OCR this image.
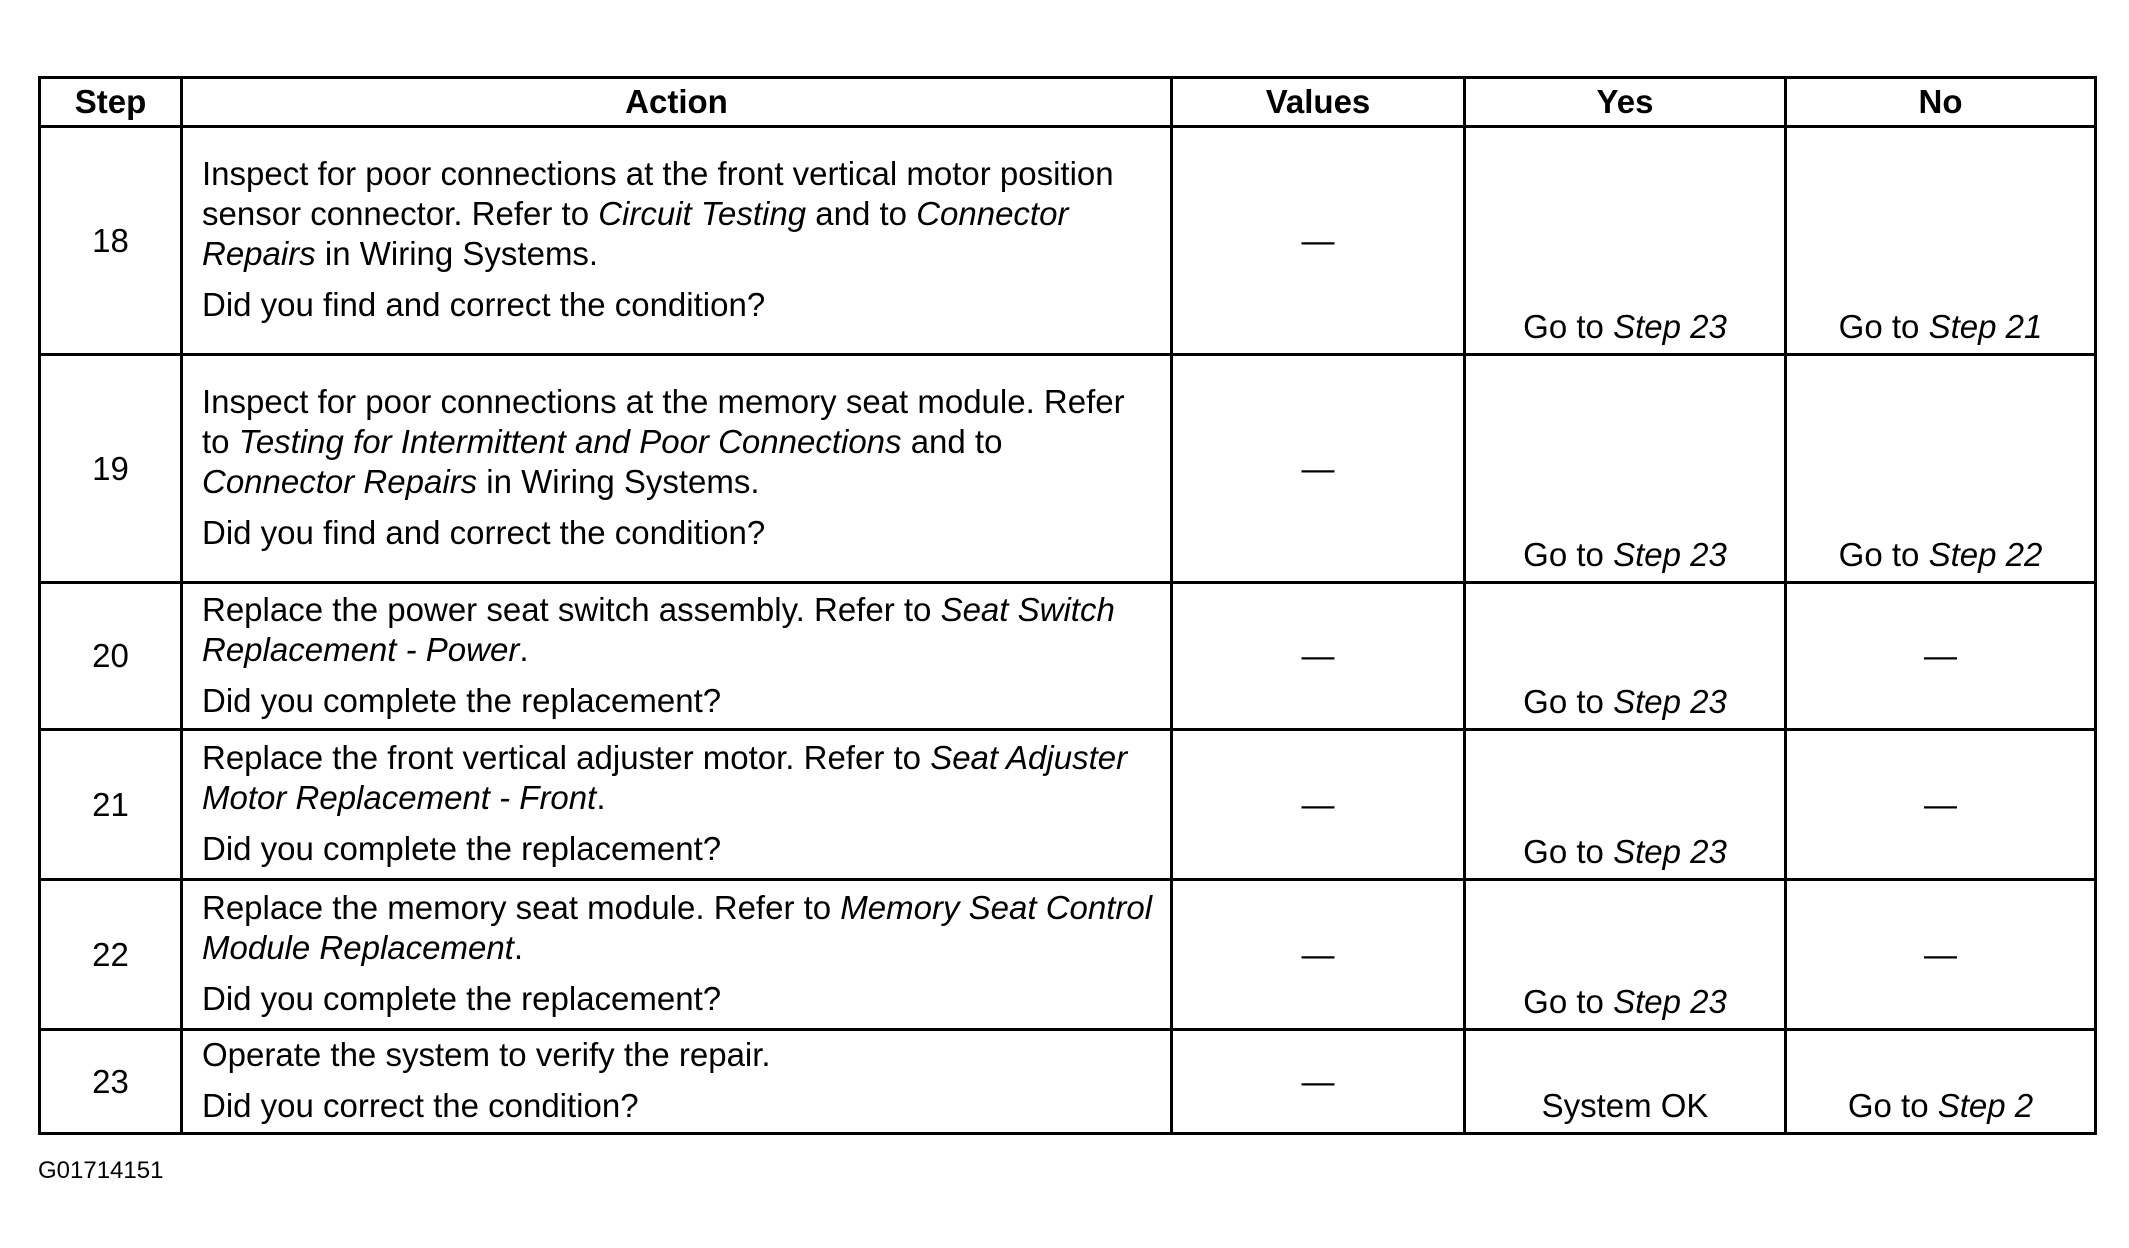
Step	Action	Values	Yes	No
18	Inspect for poor connections at the front vertical motor position sensor connector. Refer to Circuit Testing and to Connector Repairs in Wiring Systems.
Did you find and correct the condition?	—	Go to Step 23	Go to Step 21
19	Inspect for poor connections at the memory seat module. Refer to Testing for Intermittent and Poor Connections and to Connector Repairs in Wiring Systems.
Did you find and correct the condition?	—	Go to Step 23	Go to Step 22
20	Replace the power seat switch assembly. Refer to Seat Switch Replacement - Power.
Did you complete the replacement?	—	Go to Step 23	—
21	Replace the front vertical adjuster motor. Refer to Seat Adjuster Motor Replacement - Front.
Did you complete the replacement?	—	Go to Step 23	—
22	Replace the memory seat module. Refer to Memory Seat Control Module Replacement.
Did you complete the replacement?	—	Go to Step 23	—
23	Operate the system to verify the repair.
Did you correct the condition?	—	System OK	Go to Step 2
G01714151
